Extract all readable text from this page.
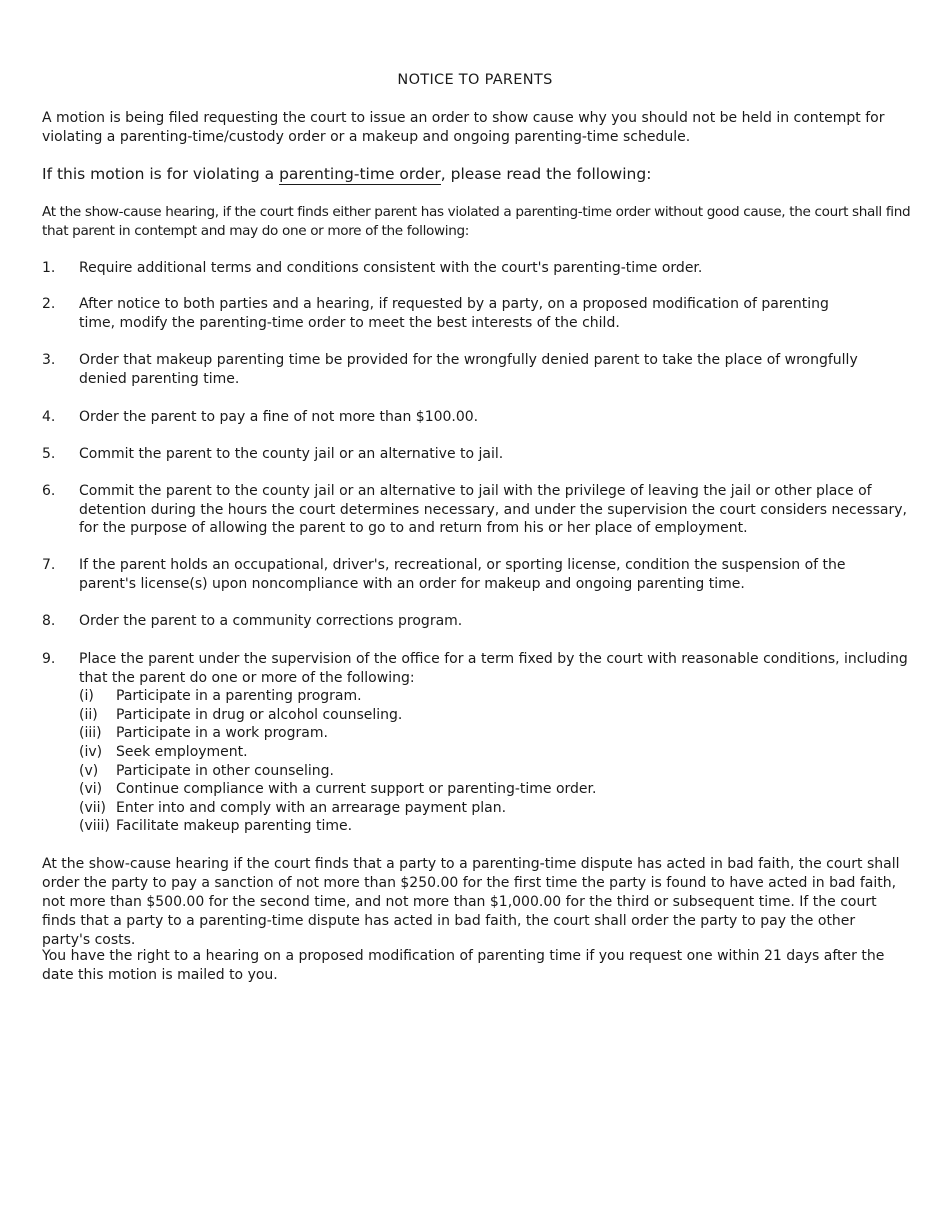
NOTICE TO PARENTS
A motion is being filed requesting the court to issue an order to show cause why you should not be held in contempt for violating a parenting-time/custody order or a makeup and ongoing parenting-time schedule.
If this motion is for violating a parenting-time order, please read the following:
At the show-cause hearing, if the court finds either parent has violated a parenting-time order without good cause, the court shall find that parent in contempt and may do one or more of the following:
1. Require additional terms and conditions consistent with the court's parenting-time order.
2. After notice to both parties and a hearing, if requested by a party, on a proposed modification of parenting time, modify the parenting-time order to meet the best interests of the child.
3. Order that makeup parenting time be provided for the wrongfully denied parent to take the place of wrongfully denied parenting time.
4. Order the parent to pay a fine of not more than $100.00.
5. Commit the parent to the county jail or an alternative to jail.
6. Commit the parent to the county jail or an alternative to jail with the privilege of leaving the jail or other place of detention during the hours the court determines necessary, and under the supervision the court considers necessary, for the purpose of allowing the parent to go to and return from his or her place of employment.
7. If the parent holds an occupational, driver's, recreational, or sporting license, condition the suspension of the parent's license(s) upon noncompliance with an order for makeup and ongoing parenting time.
8. Order the parent to a community corrections program.
9. Place the parent under the supervision of the office for a term fixed by the court with reasonable conditions, including that the parent do one or more of the following:
(i) Participate in a parenting program.
(ii) Participate in drug or alcohol counseling.
(iii) Participate in a work program.
(iv) Seek employment.
(v) Participate in other counseling.
(vi) Continue compliance with a current support or parenting-time order.
(vii) Enter into and comply with an arrearage payment plan.
(viii) Facilitate makeup parenting time.
At the show-cause hearing if the court finds that a party to a parenting-time dispute has acted in bad faith, the court shall order the party to pay a sanction of not more than $250.00 for the first time the party is found to have acted in bad faith, not more than $500.00 for the second time, and not more than $1,000.00 for the third or subsequent time. If the court finds that a party to a parenting-time dispute has acted in bad faith, the court shall order the party to pay the other party's costs.
You have the right to a hearing on a proposed modification of parenting time if you request one within 21 days after the date this motion is mailed to you.
